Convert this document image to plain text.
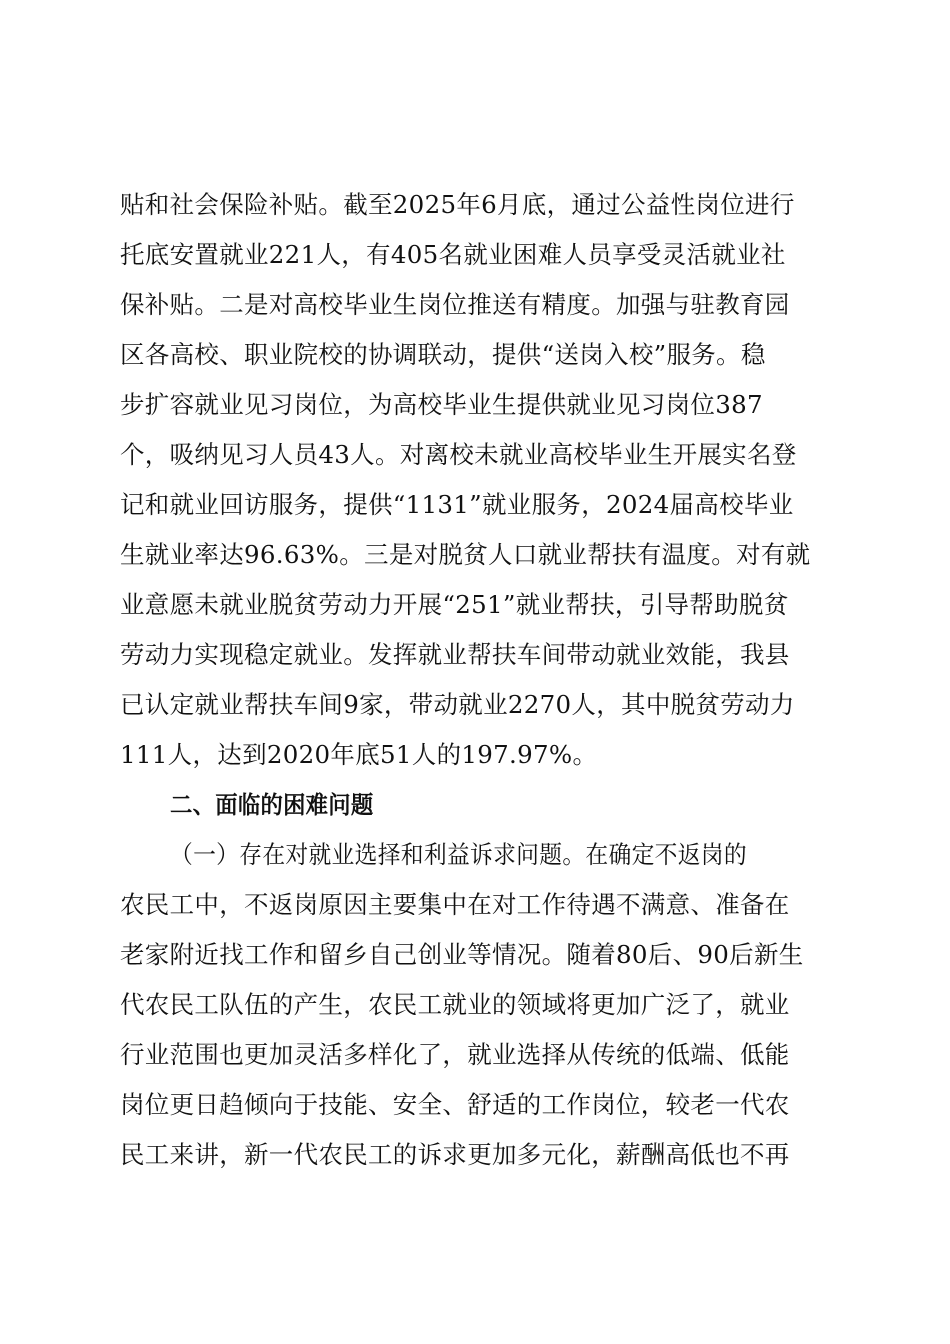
贴和社会保险补贴。截至2025年6月底，通过公益性岗位进行
托底安置就业221人，有405名就业困难人员享受灵活就业社
保补贴。二是对高校毕业生岗位推送有精度。加强与驻教育园
区各高校、职业院校的协调联动，提供“送岗入校”服务。稳
步扩容就业见习岗位，为高校毕业生提供就业见习岗位387
个，吸纳见习人员43人。对离校未就业高校毕业生开展实名登
记和就业回访服务，提供“1131”就业服务，2024届高校毕业
生就业率达96.63%。三是对脱贫人口就业帮扶有温度。对有就
业意愿未就业脱贫劳动力开展“251”就业帮扶，引导帮助脱贫
劳动力实现稳定就业。发挥就业帮扶车间带动就业效能，我县
已认定就业帮扶车间9家，带动就业2270人，其中脱贫劳动力
111人，达到2020年底51人的197.97%。
二、面临的困难问题
（一）存在对就业选择和利益诉求问题。在确定不返岗的
农民工中，不返岗原因主要集中在对工作待遇不满意、准备在
老家附近找工作和留乡自己创业等情况。随着80后、90后新生
代农民工队伍的产生，农民工就业的领域将更加广泛了，就业
行业范围也更加灵活多样化了，就业选择从传统的低端、低能
岗位更日趋倾向于技能、安全、舒适的工作岗位，较老一代农
民工来讲，新一代农民工的诉求更加多元化，薪酬高低也不再
